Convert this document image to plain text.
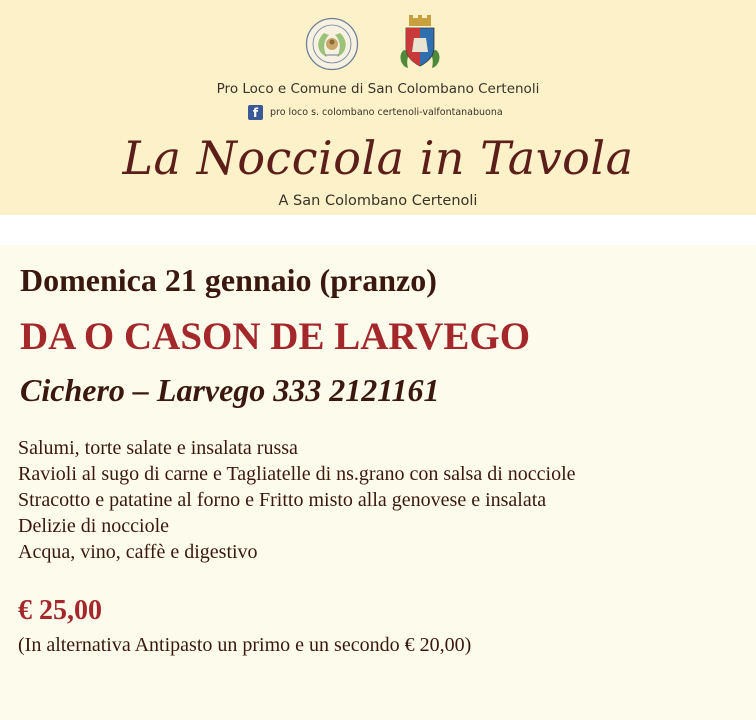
Pro Loco e Comune di San Colombano Certenoli
f	pro loco s. colombano certenoli-valfontanabuona
La Nocciola in Tavola
A San Colombano Certenoli
Domenica 21 gennaio (pranzo)
DA O CASON DE LARVEGO
Cichero – Larvego 333 2121161
Salumi, torte salate e insalata russa
Ravioli al sugo di carne e Tagliatelle di ns.grano con salsa di nocciole
Stracotto e patatine al forno e Fritto misto alla genovese e insalata
Delizie di nocciole
Acqua, vino, caffè e digestivo
€ 25,00
(In alternativa Antipasto un primo e un secondo € 20,00)
